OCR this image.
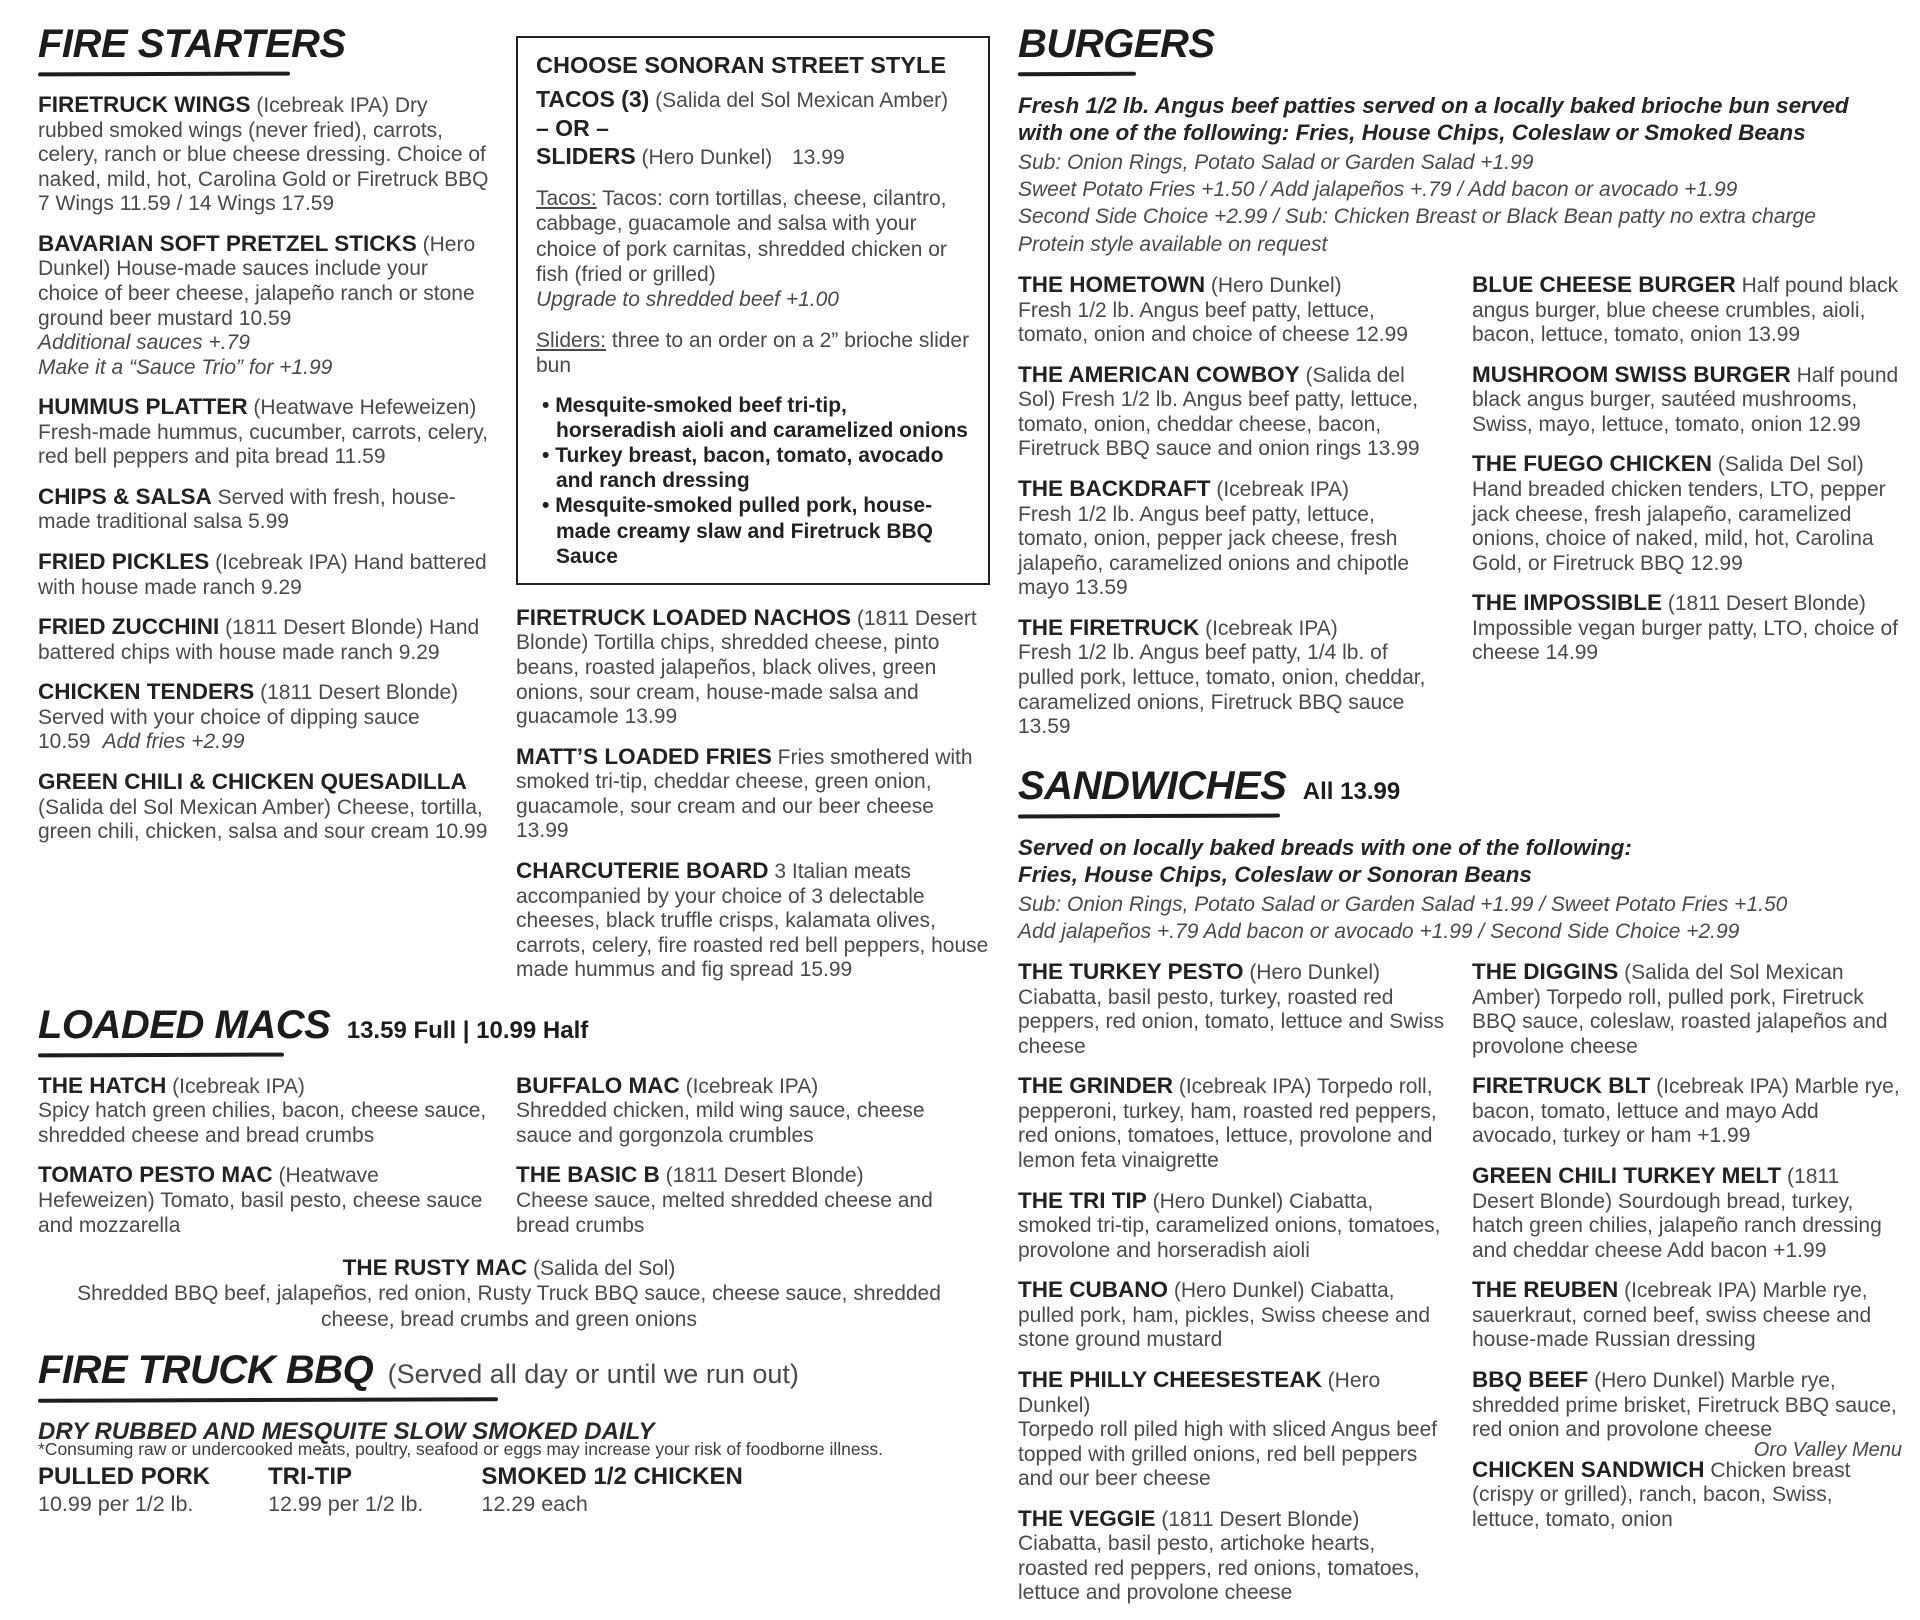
FIRE STARTERS

FIRETRUCK WINGS (Icebreak IPA) Dry rubbed smoked wings (never fried), carrots, celery, ranch or blue cheese dressing. Choice of naked, mild, hot, Carolina Gold or Firetruck BBQ 7 Wings 11.59 / 14 Wings 17.59

BAVARIAN SOFT PRETZEL STICKS (Hero Dunkel) House-made sauces include your choice of beer cheese, jalapeño ranch or stone ground beer mustard 10.59
Additional sauces +.79
Make it a “Sauce Trio” for +1.99

HUMMUS PLATTER (Heatwave Hefeweizen) Fresh-made hummus, cucumber, carrots, celery, red bell peppers and pita bread 11.59

CHIPS & SALSA Served with fresh, house-made traditional salsa 5.99

FRIED PICKLES (Icebreak IPA) Hand battered with house made ranch 9.29

FRIED ZUCCHINI (1811 Desert Blonde) Hand battered chips with house made ranch 9.29

CHICKEN TENDERS (1811 Desert Blonde) Served with your choice of dipping sauce 10.59 Add fries +2.99

GREEN CHILI & CHICKEN QUESADILLA (Salida del Sol Mexican Amber) Cheese, tortilla, green chili, chicken, salsa and sour cream 10.99

CHOOSE SONORAN STREET STYLE
TACOS (3) (Salida del Sol Mexican Amber)
– OR –
SLIDERS (Hero Dunkel) 13.99
Tacos: Tacos: corn tortillas, cheese, cilantro, cabbage, guacamole and salsa with your choice of pork carnitas, shredded chicken or fish (fried or grilled)
Upgrade to shredded beef +1.00
Sliders: three to an order on a 2” brioche slider bun
• Mesquite-smoked beef tri-tip, horseradish aioli and caramelized onions
• Turkey breast, bacon, tomato, avocado and ranch dressing
• Mesquite-smoked pulled pork, house-made creamy slaw and Firetruck BBQ Sauce

FIRETRUCK LOADED NACHOS (1811 Desert Blonde) Tortilla chips, shredded cheese, pinto beans, roasted jalapeños, black olives, green onions, sour cream, house-made salsa and guacamole 13.99

MATT’S LOADED FRIES Fries smothered with smoked tri-tip, cheddar cheese, green onion, guacamole, sour cream and our beer cheese 13.99

CHARCUTERIE BOARD 3 Italian meats accompanied by your choice of 3 delectable cheeses, black truffle crisps, kalamata olives, carrots, celery, fire roasted red bell peppers, house made hummus and fig spread 15.99

LOADED MACS 13.59 Full | 10.99 Half

THE HATCH (Icebreak IPA)
Spicy hatch green chilies, bacon, cheese sauce, shredded cheese and bread crumbs

TOMATO PESTO MAC (Heatwave Hefeweizen) Tomato, basil pesto, cheese sauce and mozzarella

BUFFALO MAC (Icebreak IPA)
Shredded chicken, mild wing sauce, cheese sauce and gorgonzola crumbles

THE BASIC B (1811 Desert Blonde)
Cheese sauce, melted shredded cheese and bread crumbs

THE RUSTY MAC (Salida del Sol)
Shredded BBQ beef, jalapeños, red onion, Rusty Truck BBQ sauce, cheese sauce, shredded cheese, bread crumbs and green onions
FIRE TRUCK BBQ (Served all day or until we run out)
DRY RUBBED AND MESQUITE SLOW SMOKED DAILY
PULLED PORK
10.99 per 1/2 lb.
TRI-TIP
12.99 per 1/2 lb.
SMOKED 1/2 CHICKEN
12.29 each
BURGERS
Fresh 1/2 lb. Angus beef patties served on a locally baked brioche bun served
with one of the following: Fries, House Chips, Coleslaw or Smoked Beans
Sub: Onion Rings, Potato Salad or Garden Salad +1.99
Sweet Potato Fries +1.50 / Add jalapeños +.79 / Add bacon or avocado +1.99
Second Side Choice +2.99 / Sub: Chicken Breast or Black Bean patty no extra charge
Protein style available on request

THE HOMETOWN (Hero Dunkel)
Fresh 1/2 lb. Angus beef patty, lettuce, tomato, onion and choice of cheese 12.99

THE AMERICAN COWBOY (Salida del Sol) Fresh 1/2 lb. Angus beef patty, lettuce, tomato, onion, cheddar cheese, bacon, Firetruck BBQ sauce and onion rings 13.99

THE BACKDRAFT (Icebreak IPA)
Fresh 1/2 lb. Angus beef patty, lettuce, tomato, onion, pepper jack cheese, fresh jalapeño, caramelized onions and chipotle mayo 13.59

THE FIRETRUCK (Icebreak IPA)
Fresh 1/2 lb. Angus beef patty, 1/4 lb. of pulled pork, lettuce, tomato, onion, cheddar, caramelized onions, Firetruck BBQ sauce 13.59

BLUE CHEESE BURGER Half pound black angus burger, blue cheese crumbles, aioli, bacon, lettuce, tomato, onion 13.99

MUSHROOM SWISS BURGER Half pound black angus burger, sautéed mushrooms, Swiss, mayo, lettuce, tomato, onion 12.99

THE FUEGO CHICKEN (Salida Del Sol)
Hand breaded chicken tenders, LTO, pepper jack cheese, fresh jalapeño, caramelized onions, choice of naked, mild, hot, Carolina Gold, or Firetruck BBQ 12.99

THE IMPOSSIBLE (1811 Desert Blonde)
Impossible vegan burger patty, LTO, choice of cheese 14.99

SANDWICHES All 13.99
Served on locally baked breads with one of the following:
Fries, House Chips, Coleslaw or Sonoran Beans
Sub: Onion Rings, Potato Salad or Garden Salad +1.99 / Sweet Potato Fries +1.50
Add jalapeños +.79 Add bacon or avocado +1.99 / Second Side Choice +2.99

THE TURKEY PESTO (Hero Dunkel)
Ciabatta, basil pesto, turkey, roasted red peppers, red onion, tomato, lettuce and Swiss cheese

THE GRINDER (Icebreak IPA) Torpedo roll, pepperoni, turkey, ham, roasted red peppers, red onions, tomatoes, lettuce, provolone and lemon feta vinaigrette

THE TRI TIP (Hero Dunkel) Ciabatta, smoked tri-tip, caramelized onions, tomatoes, provolone and horseradish aioli

THE CUBANO (Hero Dunkel) Ciabatta, pulled pork, ham, pickles, Swiss cheese and stone ground mustard

THE PHILLY CHEESESTEAK (Hero Dunkel)
Torpedo roll piled high with sliced Angus beef topped with grilled onions, red bell peppers and our beer cheese

THE VEGGIE (1811 Desert Blonde)
Ciabatta, basil pesto, artichoke hearts, roasted red peppers, red onions, tomatoes, lettuce and provolone cheese

THE DIGGINS (Salida del Sol Mexican Amber) Torpedo roll, pulled pork, Firetruck BBQ sauce, coleslaw, roasted jalapeños and provolone cheese

FIRETRUCK BLT (Icebreak IPA) Marble rye, bacon, tomato, lettuce and mayo Add avocado, turkey or ham +1.99

GREEN CHILI TURKEY MELT (1811 Desert Blonde) Sourdough bread, turkey, hatch green chilies, jalapeño ranch dressing and cheddar cheese Add bacon +1.99

THE REUBEN (Icebreak IPA) Marble rye, sauerkraut, corned beef, swiss cheese and house-made Russian dressing

BBQ BEEF (Hero Dunkel) Marble rye, shredded prime brisket, Firetruck BBQ sauce, red onion and provolone cheese

CHICKEN SANDWICH Chicken breast (crispy or grilled), ranch, bacon, Swiss, lettuce, tomato, onion

*Consuming raw or undercooked meats, poultry, seafood or eggs may increase your risk of foodborne illness.	Oro Valley Menu
